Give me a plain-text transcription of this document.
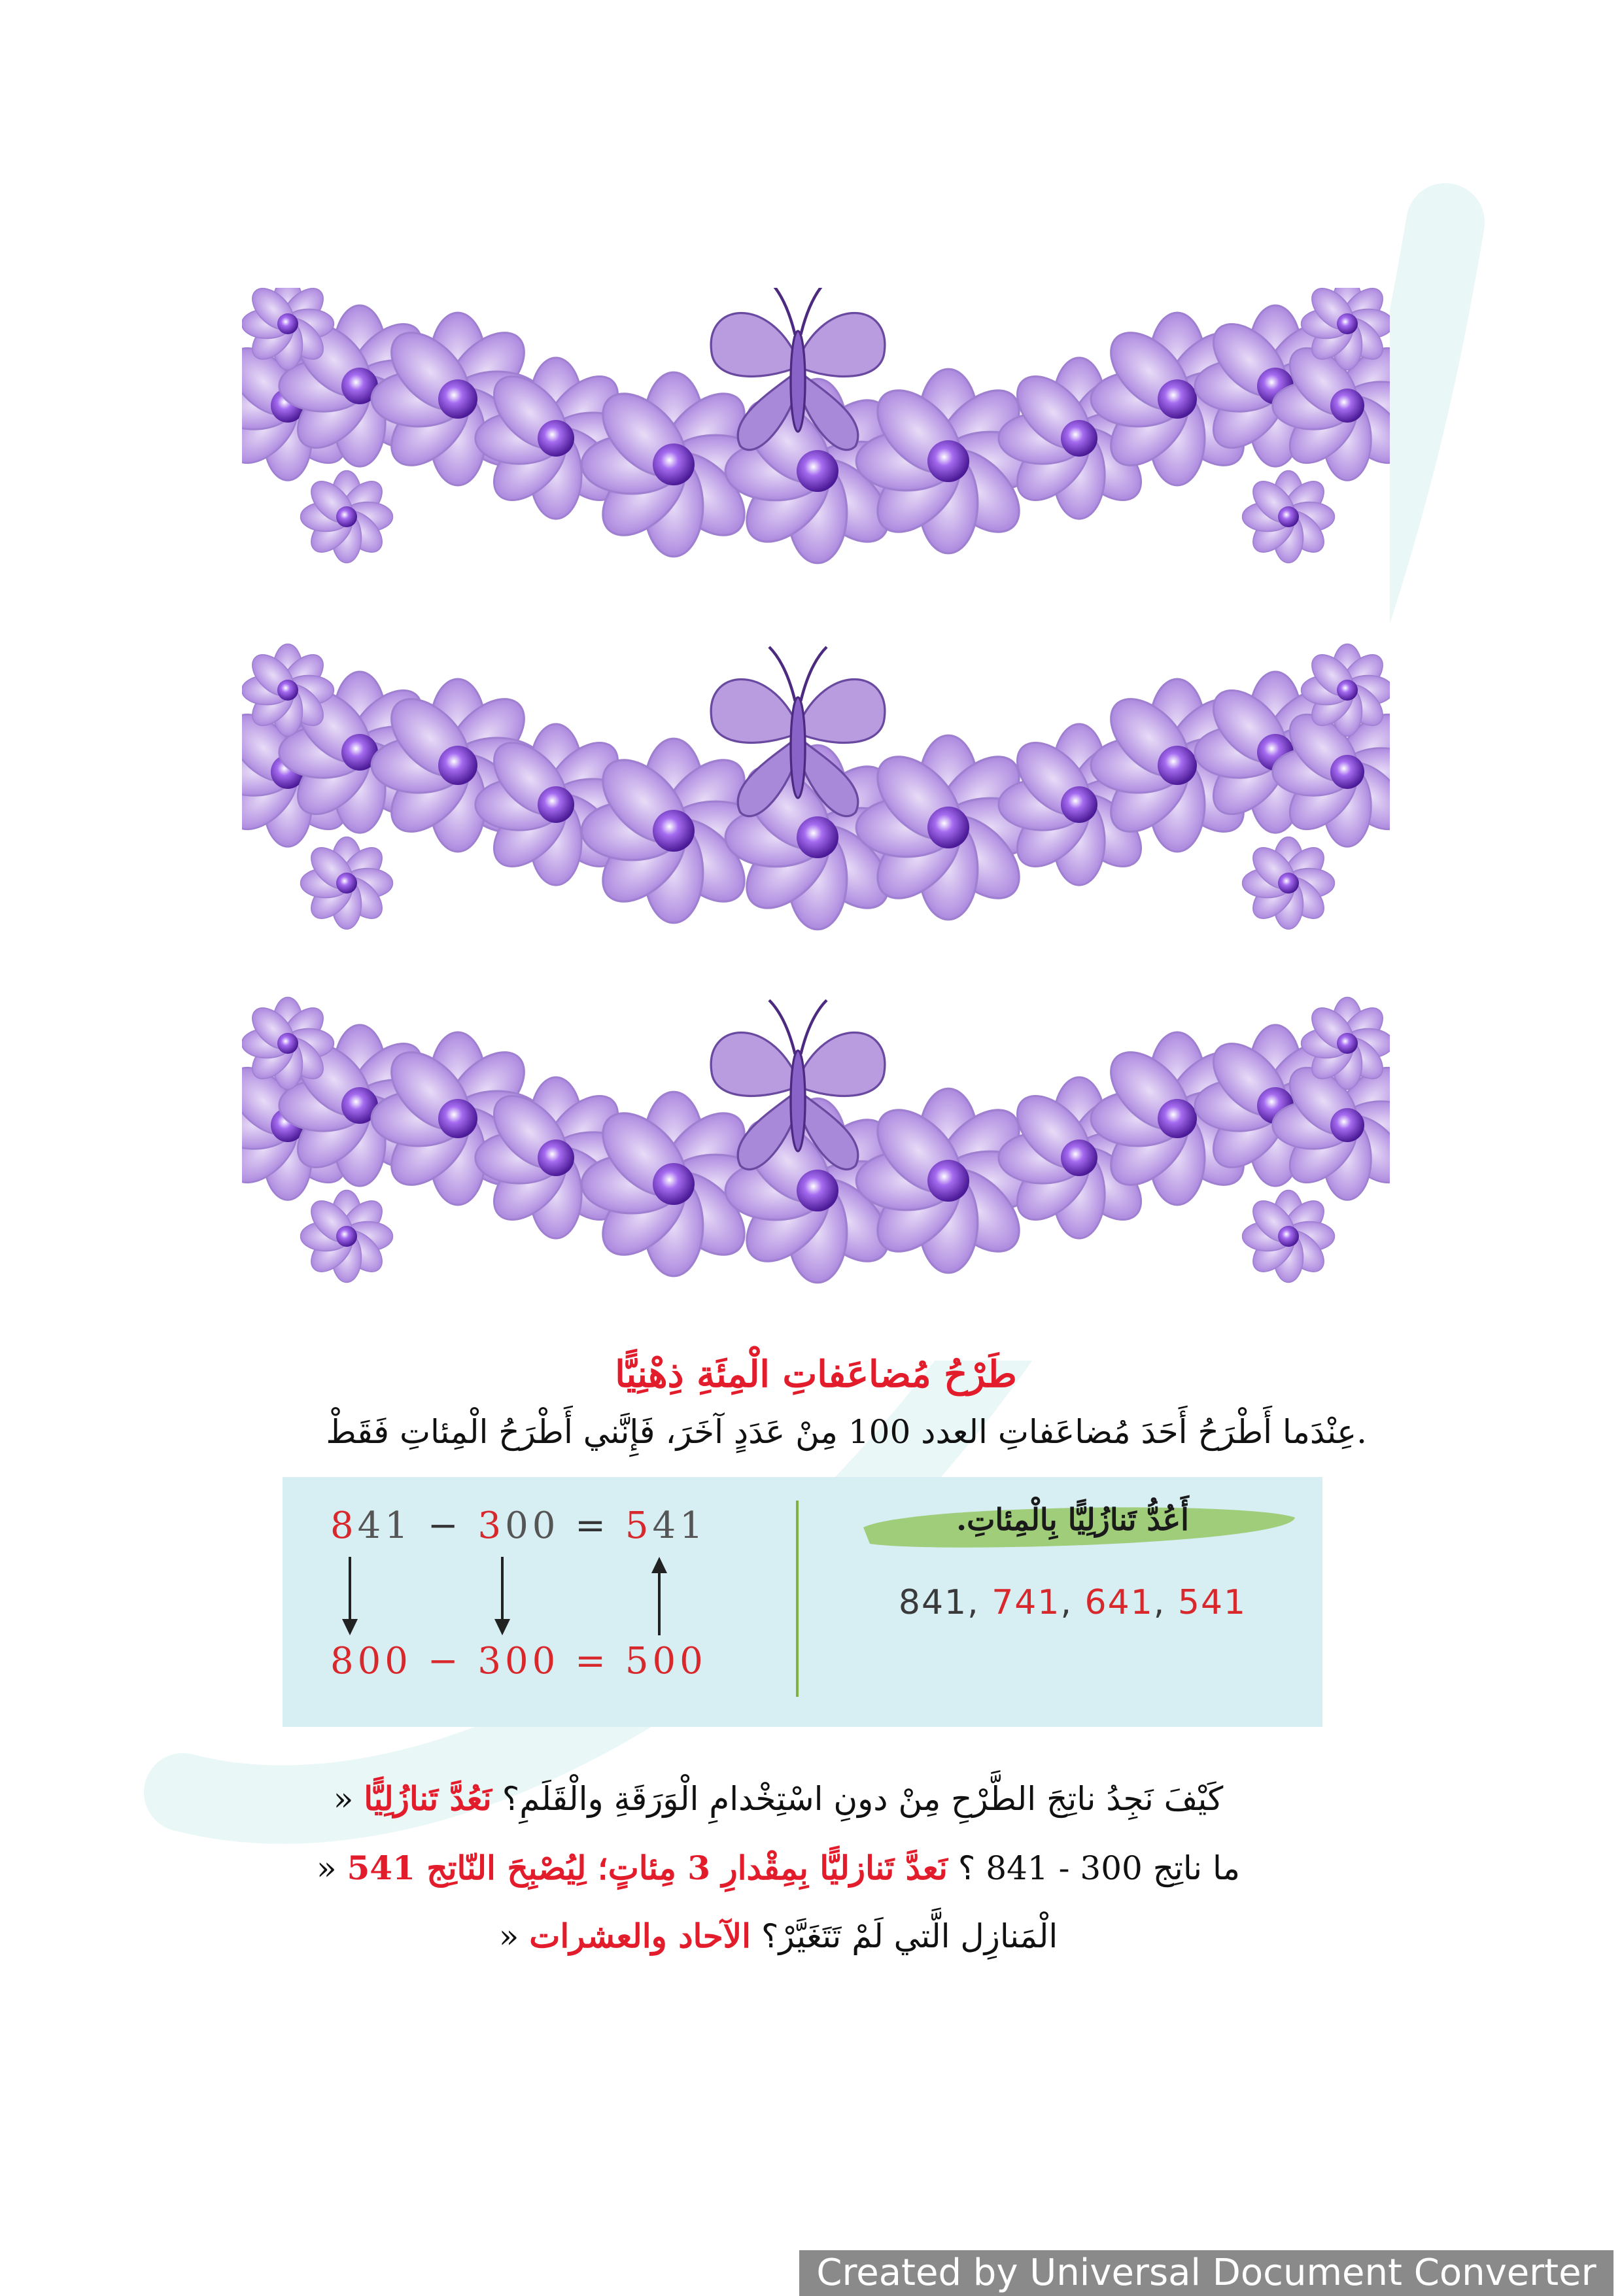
طَرْحُ مُضاعَفاتِ الْمِئَةِ ذِهْنِيًّا
.عِنْدَما أَطْرَحُ أَحَدَ مُضاعَفاتِ العدد 100 مِنْ عَدَدٍ آخَرَ، فَإِنَّني أَطْرَحُ الْمِئاتِ فَقَطْ
841 − 300 = 541
800 − 300 = 500
أَعُدُّ تَنازُلِيًّا بِالْمِئاتِ.
841, 741, 641, 541
كَيْفَ نَجِدُ ناتِجَ الطَّرْحِ مِنْ دونِ اسْتِخْدامِ الْوَرَقَةِ والْقَلَمِ؟ نَعُدَّ تَنازُلِيًّا «
ما ناتِج 300 - 841 ؟ نَعدَّ تَنازليًّا بِمِقْدارِ 3 مِئاتٍ؛ لِيُصْبِحَ النّاتِج 541 «
الْمَنازِل الَّتي لَمْ تَتَغَيَّرْ؟ الآحاد والعشرات «
Created by Universal Document Converter
